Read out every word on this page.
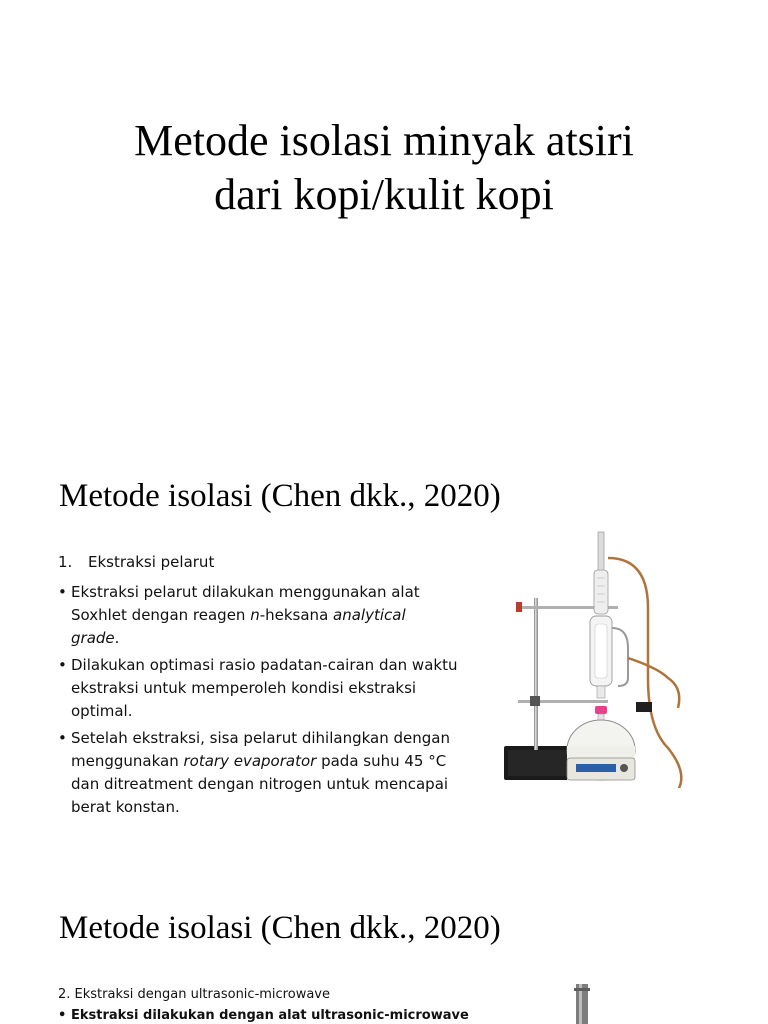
Metode isolasi minyak atsiri
dari kopi/kulit kopi
Metode isolasi (Chen dkk., 2020)
1.	Ekstraksi pelarut
• Ekstraksi pelarut dilakukan menggunakan alat Soxhlet dengan reagen n-heksana analytical grade.
• Dilakukan optimasi rasio padatan-cairan dan waktu ekstraksi untuk memperoleh kondisi ekstraksi optimal.
• Setelah ekstraksi, sisa pelarut dihilangkan dengan menggunakan rotary evaporator pada suhu 45 °C dan ditreatment dengan nitrogen untuk mencapai berat konstan.
Metode isolasi (Chen dkk., 2020)
2. Ekstraksi dengan ultrasonic-microwave
• Ekstraksi dilakukan dengan alat ultrasonic-microwave
